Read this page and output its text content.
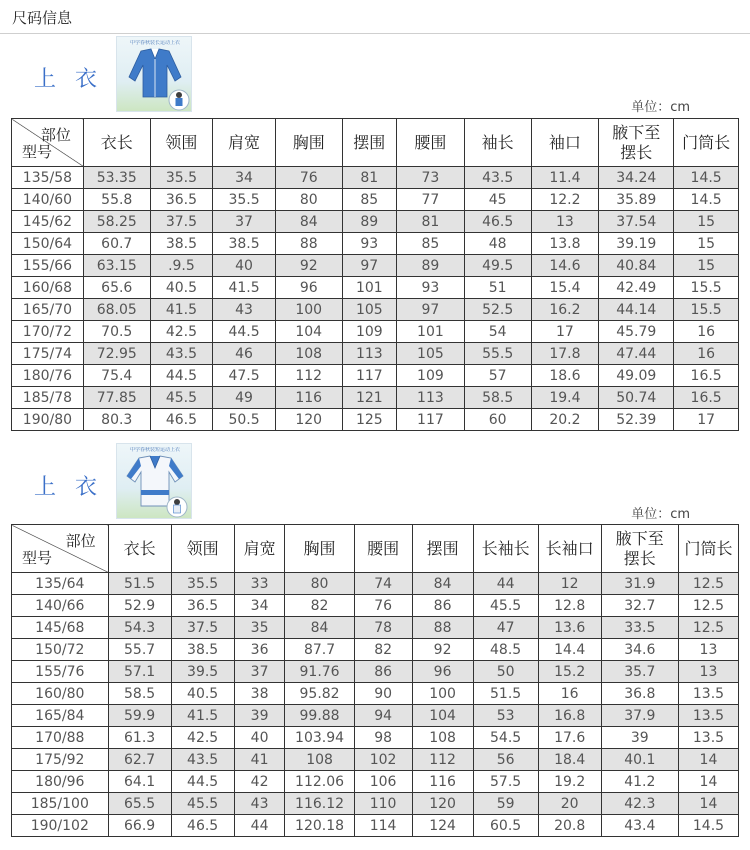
尺码信息
上 衣
中学春秋装长运动上衣
单位：cm
部位
型号	衣长	领围	肩宽	胸围	摆围	腰围	袖长	袖口	腋下至摆长	门筒长
135/58	53.35	35.5	34	76	81	73	43.5	11.4	34.24	14.5
140/60	55.8	36.5	35.5	80	85	77	45	12.2	35.89	14.5
145/62	58.25	37.5	37	84	89	81	46.5	13	37.54	15
150/64	60.7	38.5	38.5	88	93	85	48	13.8	39.19	15
155/66	63.15	.9.5	40	92	97	89	49.5	14.6	40.84	15
160/68	65.6	40.5	41.5	96	101	93	51	15.4	42.49	15.5
165/70	68.05	41.5	43	100	105	97	52.5	16.2	44.14	15.5
170/72	70.5	42.5	44.5	104	109	101	54	17	45.79	16
175/74	72.95	43.5	46	108	113	105	55.5	17.8	47.44	16
180/76	75.4	44.5	47.5	112	117	109	57	18.6	49.09	16.5
185/78	77.85	45.5	49	116	121	113	58.5	19.4	50.74	16.5
190/80	80.3	46.5	50.5	120	125	117	60	20.2	52.39	17
上 衣
中学春秋装短运动上衣
单位：cm
部位
型号	衣长	领围	肩宽	胸围	腰围	摆围	长袖长	长袖口	腋下至摆长	门筒长
135/64	51.5	35.5	33	80	74	84	44	12	31.9	12.5
140/66	52.9	36.5	34	82	76	86	45.5	12.8	32.7	12.5
145/68	54.3	37.5	35	84	78	88	47	13.6	33.5	12.5
150/72	55.7	38.5	36	87.7	82	92	48.5	14.4	34.6	13
155/76	57.1	39.5	37	91.76	86	96	50	15.2	35.7	13
160/80	58.5	40.5	38	95.82	90	100	51.5	16	36.8	13.5
165/84	59.9	41.5	39	99.88	94	104	53	16.8	37.9	13.5
170/88	61.3	42.5	40	103.94	98	108	54.5	17.6	39	13.5
175/92	62.7	43.5	41	108	102	112	56	18.4	40.1	14
180/96	64.1	44.5	42	112.06	106	116	57.5	19.2	41.2	14
185/100	65.5	45.5	43	116.12	110	120	59	20	42.3	14
190/102	66.9	46.5	44	120.18	114	124	60.5	20.8	43.4	14.5
